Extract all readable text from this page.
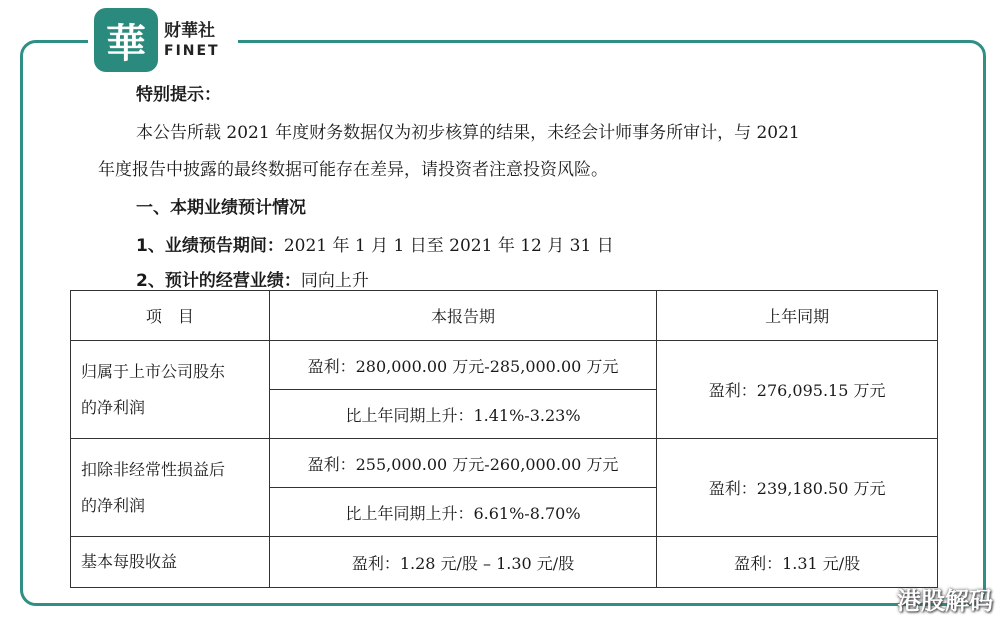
華	财華社
FINET
特别提示：
本公告所载 2021 年度财务数据仅为初步核算的结果，未经会计师事务所审计，与 2021
年度报告中披露的最终数据可能存在差异，请投资者注意投资风险。
一、本期业绩预计情况
1、业绩预告期间：2021 年 1 月 1 日至 2021 年 12 月 31 日
2、预计的经营业绩：同向上升
项　目	本报告期	上年同期

归属于上市公司股东
的净利润	盈利：280,000.00 万元-285,000.00 万元	盈利：276,095.15 万元
	比上年同期上升：1.41%-3.23%	

扣除非经常性损益后
的净利润	盈利：255,000.00 万元-260,000.00 万元	盈利：239,180.50 万元
	比上年同期上升：6.61%-8.70%	
基本每股收益	盈利：1.28 元/股 – 1.30 元/股	盈利：1.31 元/股
港股解码
